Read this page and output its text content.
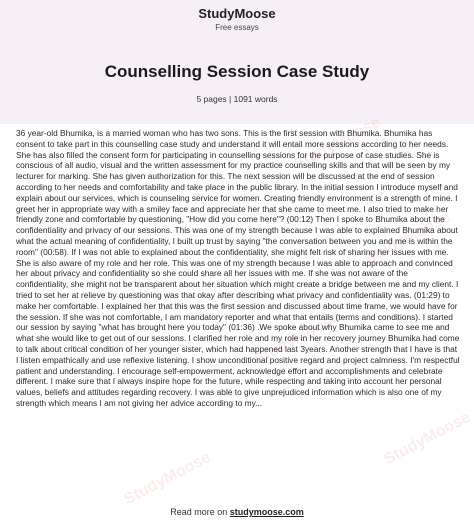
StudyMoose
Free essays
Counselling Session Case Study
5 pages | 1091 words
StudyMoose
StudyMoose
StudyMoose
StudyMoose
StudyMoose

36 year-old Bhumika, is a married woman who has two sons. This is the first session with Bhumika. Bhumika has consent to take part in this counselling case study and understand it will entail more sessions according to her needs. She has also filled the consent form for participating in counselling sessions for the purpose of case studies. She is conscious of all audio, visual and the written assessment for my practice counselling skills and that will be seen by my lecturer for marking. She has given authorization for this. The next session will be discussed at the end of session according to her needs and comfortability and take place in the public library. In the initial session I introduce myself and explain about our services, which is counseling service for women. Creating friendly environment is a strength of mine. I greet her in appropriate way with a smiley face and appreciate her that she came to meet me. I also tried to make her friendly zone and comfortable by questioning, "How did you come here"? (00:12) Then I spoke to Bhumika about the confidentiality and privacy of our sessions. This was one of my strength because I was able to explained Bhumika about what the actual meaning of confidentiality, I built up trust by saying "the conversation between you and me is within the room" (00:58). If I was not able to explained about the confidentiality, she might felt risk of sharing her issues with me. She is also aware of my role and her role. This was one of my strength because I was able to approach and convinced her about privacy and confidentiality so she could share all her issues with me. If she was not aware of the confidentiality, she might not be transparent about her situation which might create a bridge between me and my client. I tried to set her at relieve by questioning was that okay after describing what privacy and confidentiality was. (01:29) to make her comfortable. I explained her that this was the first session and discussed about time frame, we would have for the session. If she was not comfortable, I am mandatory reporter and what that entails (terms and conditions). I started our session by saying "what has brought here you today" (01:36) .We spoke about why Bhumika came to see me and what she would like to get out of our sessions. I clarified her role and my role in her recovery journey Bhumika had come to talk about critical condition of her younger sister, which had happened last 3years. Another strength that I have is that I listen empathically and use reflexive listening. I show unconditional positive regard and project calmness. I'm respectful patient and understanding. I encourage self-empowerment, acknowledge effort and accomplishments and celebrate different. I make sure that I always inspire hope for the future, while respecting and taking into account her personal values, beliefs and attitudes regarding recovery. I was able to give unprejudiced information which is also one of my strength which means I am not giving her advice according to my...

Read more on studymoose.com
